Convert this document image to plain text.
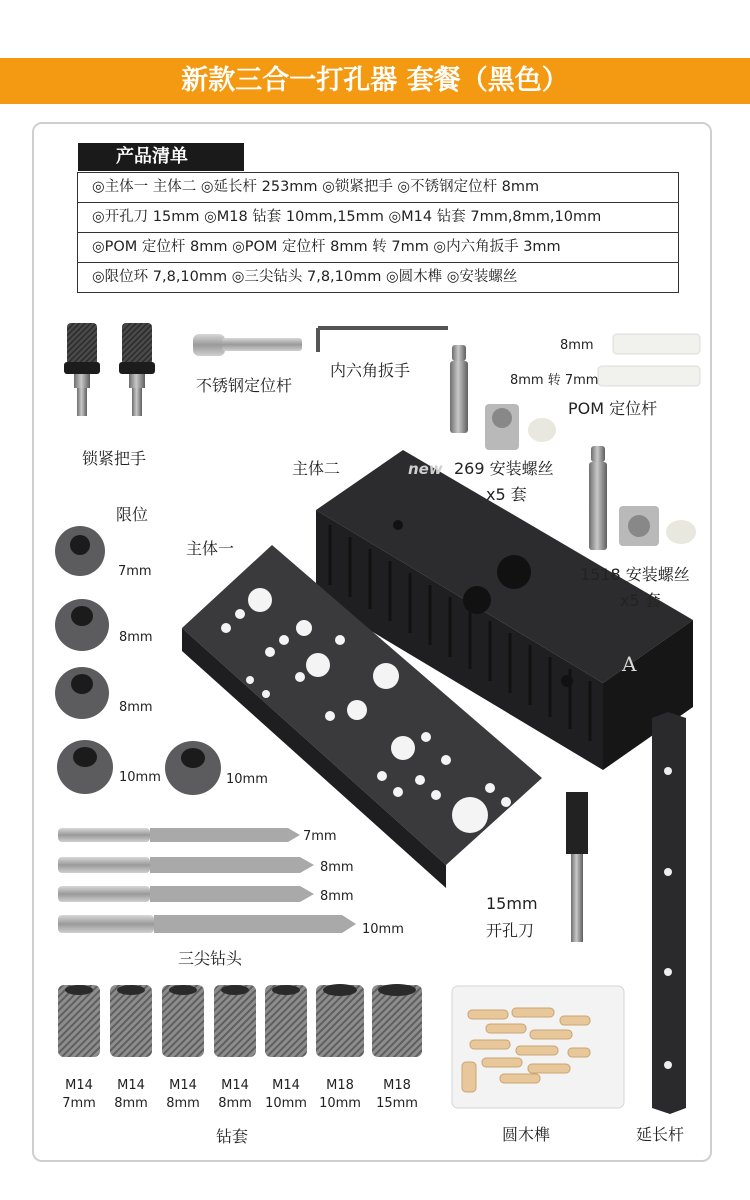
新款三合一打孔器 套餐（黑色）
产品清单
◎主体一 主体二 ◎延长杆 253mm ◎锁紧把手 ◎不锈钢定位杆 8mm
◎开孔刀 15mm ◎M18 钻套 10mm,15mm ◎M14 钻套 7mm,8mm,10mm
◎POM 定位杆 8mm ◎POM 定位杆 8mm 转 7mm ◎内六角扳手 3mm
◎限位环 7,8,10mm ◎三尖钻头 7,8,10mm ◎圆木榫 ◎安装螺丝
A
new
锁紧把手
不锈钢定位杆
内六角扳手
8mm
8mm 转 7mm
POM 定位杆
主体二	269 安装螺丝
x5 套
1518 安装螺丝
x5 套
限位
主体一
7mm
8mm
8mm
10mm	10mm
7mm
8mm
8mm
10mm
三尖钻头
15mm
开孔刀
M14
7mm
M14
8mm
M14
8mm
M14
8mm
M14
10mm
M18
10mm
M18
15mm
钻套	圆木榫	延长杆
